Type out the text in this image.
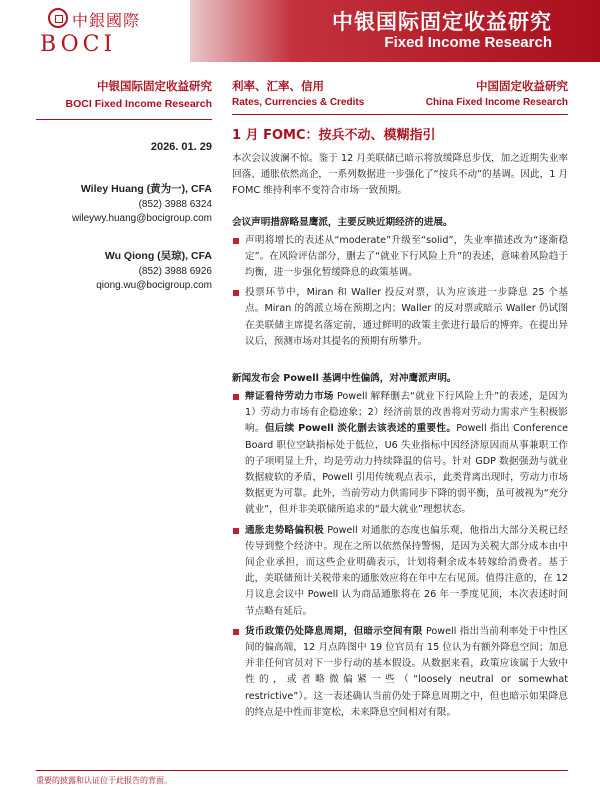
中銀國際
BOCI
中银国际固定收益研究
Fixed Income Research
中银国际固定收益研究
BOCI Fixed Income Research
2026. 01. 29
Wiley Huang (黄为一), CFA
(852) 3988 6324
wileywy.huang@bocigroup.com
Wu Qiong (吴琼), CFA
(852) 3988 6926
qiong.wu@bocigroup.com
利率、汇率、信用
Rates, Currencies & Credits
中国固定收益研究
China Fixed Income Research
1 月 FOMC：按兵不动、模糊指引

本次会议波澜不惊。鉴于 12 月美联储已暗示将放缓降息步伐，加之近期失业率回落、通胀依然高企，一系列数据进一步强化了“按兵不动”的基调。因此，1 月 FOMC 维持利率不变符合市场一致预期。

会议声明措辞略显鹰派，主要反映近期经济的进展。
声明将增长的表述从“moderate”升级至“solid”，失业率描述改为“逐渐稳定”。在风险评估部分，删去了“就业下行风险上升”的表述，意味着风险趋于均衡，进一步强化暂缓降息的政策基调。
投票环节中，Miran 和 Waller 投反对票，认为应该进一步降息 25 个基点。Miran 的鸽派立场在预期之内；Waller 的反对票或暗示 Waller 仍试图在美联储主席提名落定前，通过鲜明的政策主张进行最后的博弈。在提出异议后，预测市场对其提名的预期有所攀升。
新闻发布会 Powell 基调中性偏鸽，对冲鹰派声明。
辩证看待劳动力市场 Powell 解释删去“就业下行风险上升”的表述，是因为 1）劳动力市场有企稳迹象；2）经济前景的改善将对劳动力需求产生积极影响。但后续 Powell 淡化删去该表述的重要性。Powell 指出 Conference Board 职位空缺指标处于低位，U6 失业指标中因经济原因而从事兼职工作的子项明显上升，均是劳动力持续降温的信号。针对 GDP 数据强劲与就业数据疲软的矛盾，Powell 引用传统观点表示，此类背离出现时，劳动力市场数据更为可靠。此外，当前劳动力供需同步下降的弱平衡，虽可被视为“充分就业”，但并非美联储所追求的“最大就业”理想状态。
通胀走势略偏积极 Powell 对通胀的态度也偏乐观，他指出大部分关税已经传导到整个经济中。现在之所以依然保持警惕，是因为关税大部分成本由中间企业承担，而这些企业明确表示，计划将剩余成本转嫁给消费者。基于此，美联储预计关税带来的通胀效应将在年中左右见顶。值得注意的，在 12 月议息会议中 Powell 认为商品通胀将在 26 年一季度见顶，本次表述时间节点略有延后。
货币政策仍处降息周期，但暗示空间有限 Powell 指出当前利率处于中性区间的偏高端，12 月点阵图中 19 位官员有 15 位认为有额外降息空间；加息并非任何官员对下一步行动的基本假设。从数据来看，政策应该属于大致中性的，或者略微偏紧一些（“loosely neutral or somewhat restrictive”）。这一表述确认当前仍处于降息周期之中，但也暗示如果降息的终点是中性而非宽松，未来降息空间相对有限。
重要的披露和认证位于此报告的背面。
